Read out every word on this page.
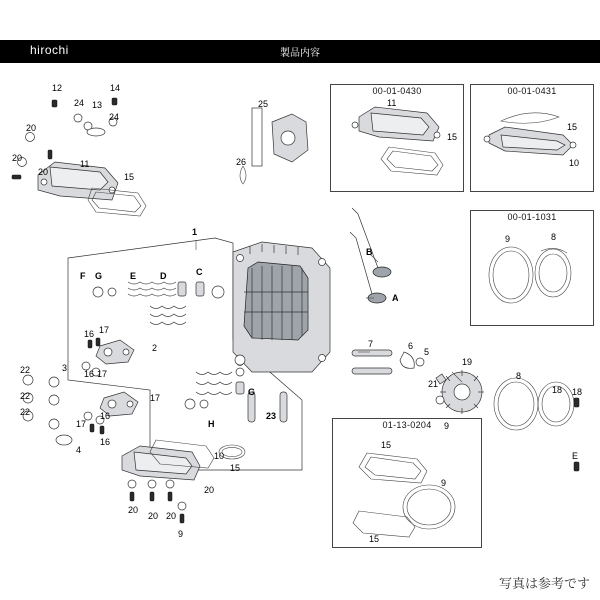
hirochi	製品内容
00-01-0430
11
15
00-01-0431
15
10
00-01-1031
9	8
01-13-0204
15
9
15
12	14
24 13
24
20
20
11
20	15
25
26
1
B
A
G
F	E	D	C
16 17
2
16 17
22
22
22
3
17
16
17
16
4
7	6
5
19
21
9
8
18 18
E
G
H
23
15
10
20
20
20 20
9
写真は参考です
